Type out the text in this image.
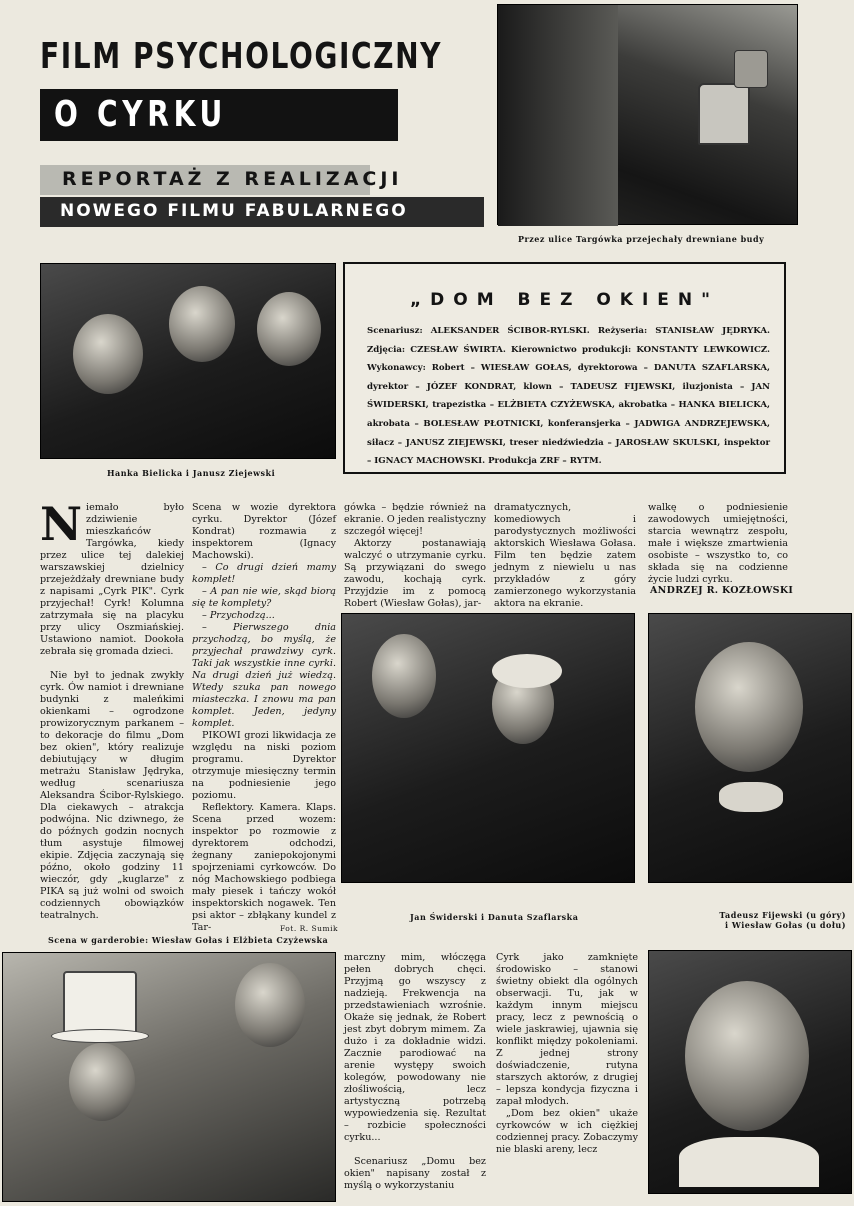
FILM PSYCHOLOGICZNY
O CYRKU
REPORTAŻ Z REALIZACJI
NOWEGO FILMU FABULARNEGO
Przez ulice Targówka przejechały drewniane budy
Hanka Bielicka i Janusz Ziejewski
„DOM BEZ OKIEN"
Scenariusz: ALEKSANDER ŚCIBOR-RYLSKI. Reżyseria: STANISŁAW JĘDRYKA. Zdjęcia: CZESŁAW ŚWIRTA. Kierownictwo produkcji: KONSTANTY LEWKOWICZ. Wykonawcy: Robert – WIESŁAW GOŁAS, dyrektorowa – DANUTA SZAFLARSKA, dyrektor – JÓZEF KONDRAT, klown – TADEUSZ FIJEWSKI, iluzjonista – JAN ŚWIDERSKI, trapezistka – ELŻBIETA CZYŻEWSKA, akrobatka – HANKA BIELICKA, akrobata – BOLESŁAW PŁOTNICKI, konferansjerka – JADWIGA ANDRZEJEWSKA, siłacz – JANUSZ ZIEJEWSKI, treser niedźwiedzia – JAROSŁAW SKULSKI, inspektor – IGNACY MACHOWSKI. Produkcja ZRF – RYTM.
N iemało było zdziwienie mieszkańców Targówka, kiedy przez ulice tej dalekiej warszawskiej dzielnicy przejeżdżały drewniane budy z napisami „Cyrk PIK". Cyrk przyjechał! Cyrk! Kolumna zatrzymała się na placyku przy ulicy Oszmiańskiej. Ustawiono namiot. Dookoła zebrała się gromada dzieci.

Nie był to jednak zwykły cyrk. Ów namiot i drewniane budynki z maleńkimi okienkami – ogrodzone prowizorycznym parkanem – to dekoracje do filmu „Dom bez okien", który realizuje debiutujący w długim metrażu Stanisław Jędryka, według scenariusza Aleksandra Ścibor-Rylskiego. Dla ciekawych – atrakcja podwójna. Nic dziwnego, że do późnych godzin nocnych tłum asystuje filmowej ekipie. Zdjęcia zaczynają się późno, około godziny 11 wieczór, gdy „kuglarze" z PIKA są już wolni od swoich codziennych obowiązków teatralnych.

Scena w wozie dyrektora cyrku. Dyrektor (Józef Kondrat) rozmawia z inspektorem (Ignacy Machowski).

– Co drugi dzień mamy komplet!

– A pan nie wie, skąd biorą się te komplety?

– Przychodzą...

– Pierwszego dnia przychodzą, bo myślą, że przyjechał prawdziwy cyrk. Taki jak wszystkie inne cyrki. Na drugi dzień już wiedzą. Wtedy szuka pan nowego miasteczka. I znowu ma pan komplet. Jeden, jedyny komplet.

PIKOWI grozi likwidacja ze względu na niski poziom programu. Dyrektor otrzymuje miesięczny termin na podniesienie jego poziomu.

Reflektory. Kamera. Klaps. Scena przed wozem: inspektor po rozmowie z dyrektorem odchodzi, żegnany zaniepokojonymi spojrzeniami cyrkowców. Do nóg Machowskiego podbiega mały piesek i tańczy wokół inspektorskich nogawek. Ten psi aktor – zbłąkany kundel z Tar-	Fot. R. Sumik

gówka – będzie również na ekranie. O jeden realistyczny szczegół więcej!

Aktorzy postanawiają walczyć o utrzymanie cyrku. Są przywiązani do swego zawodu, kochają cyrk. Przyjdzie im z pomocą Robert (Wiesław Gołas), jar-

dramatycznych, komediowych i parodystycznych możliwości aktorskich Wiesława Gołasa. Film ten będzie zatem jednym z niewielu u nas przykładów z góry zamierzonego wykorzystania aktora na ekranie.

walkę o podniesienie zawodowych umiejętności, starcia wewnątrz zespołu, małe i większe zmartwienia osobiste – wszystko to, co składa się na codzienne życie ludzi cyrku.

ANDRZEJ R. KOZŁOWSKI
Jan Świderski i Danuta Szaflarska	Tadeusz Fijewski (u góry)
i Wiesław Gołas (u dołu)
Scena w garderobie: Wiesław Gołas i Elżbieta Czyżewska

marczny mim, włóczęga pełen dobrych chęci. Przyjmą go wszyscy z nadzieją. Frekwencja na przedstawieniach wzrośnie. Okaże się jednak, że Robert jest zbyt dobrym mimem. Za dużo i za dokładnie widzi. Zacznie parodiować na arenie występy swoich kolegów, powodowany nie złośliwością, lecz artystyczną potrzebą wypowiedzenia się. Rezultat – rozbicie społeczności cyrku...

Scenariusz „Domu bez okien" napisany został z myślą o wykorzystaniu

Cyrk jako zamknięte środowisko – stanowi świetny obiekt dla ogólnych obserwacji. Tu, jak w każdym innym miejscu pracy, lecz z pewnością o wiele jaskrawiej, ujawnia się konflikt między pokoleniami. Z jednej strony doświadczenie, rutyna starszych aktorów, z drugiej – lepsza kondycja fizyczna i zapał młodych.

„Dom bez okien" ukaże cyrkowców w ich ciężkiej codziennej pracy. Zobaczymy nie blaski areny, lecz
